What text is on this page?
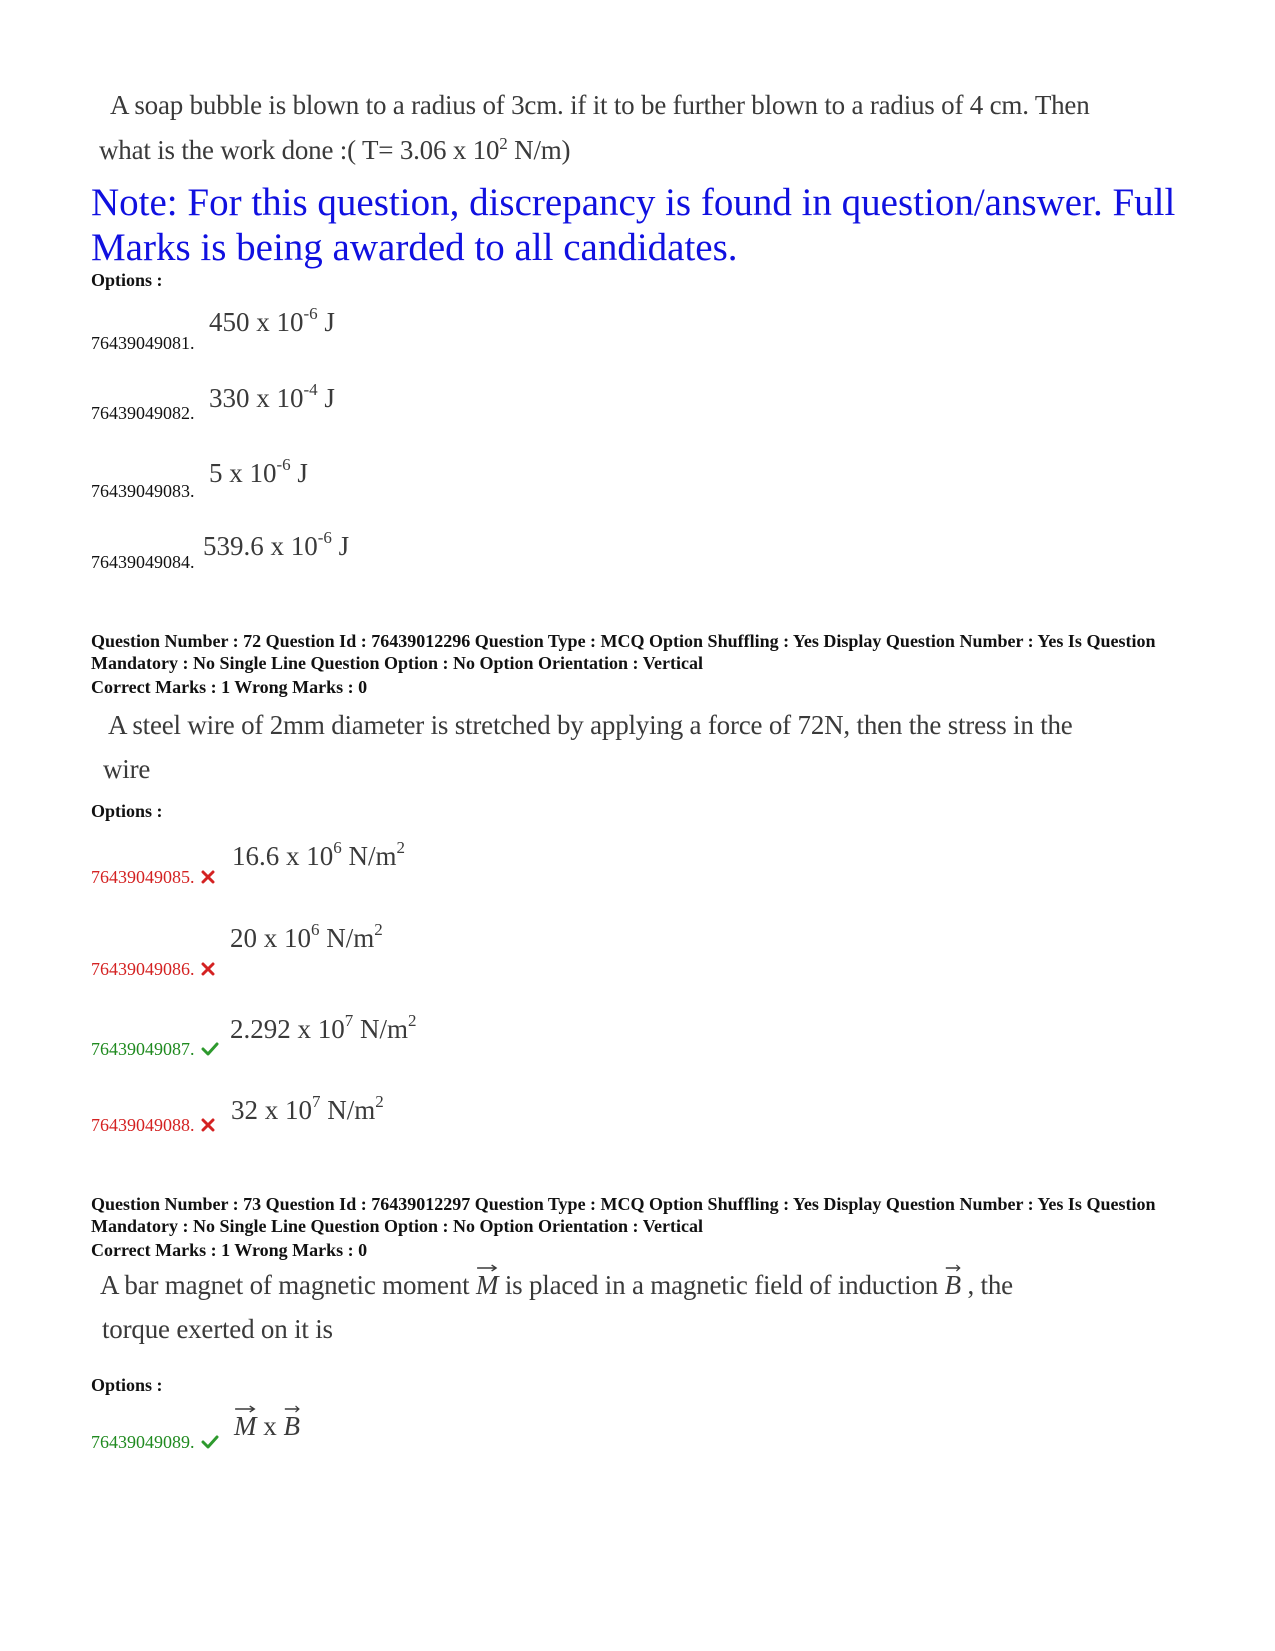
A soap bubble is blown to a radius of 3cm. if it to be further blown to a radius of 4 cm. Then
what is the work done :( T= 3.06 x $10^2$ N/m)
Note: For this question, discrepancy is found in question/answer. Full Marks is being awarded to all candidates.
Options :
76439049081.
450 x $10^{-6}$ J
76439049082. 330 x $10^{-4}$ J
76439049083.
5 x $10^{-6}$ J
76439049084.
539.6 x $10^{-6}$ J
Question Number : 72 Question Id : 76439012296 Question Type : MCQ Option Shuffling : Yes Display Question Number : Yes Is Question Mandatory : No Single Line Question Option : No Option Orientation : Vertical
Correct Marks : 1 Wrong Marks : 0
A steel wire of 2mm diameter is stretched by applying a force of 72N, then the stress in the
wire
Options :
76439049085.
16.6 x $10^6$ $N/m^2$
76439049086.
20 x $10^6$ $N/m^2$
76439049087.
2.292 x $10^7$ $N/m^2$
76439049088.	32 x $10^7$ $N/m^2$
Question Number : 73 Question Id : 76439012297 Question Type : MCQ Option Shuffling : Yes Display Question Number : Yes Is Question Mandatory : No Single Line Question Option : No Option Orientation : Vertical
Correct Marks : 1 Wrong Marks : 0
A bar magnet of magnetic moment
M is placed in a magnetic field of induction
B , the
torque exerted on it is
Options :
76439049089.
M x
B
